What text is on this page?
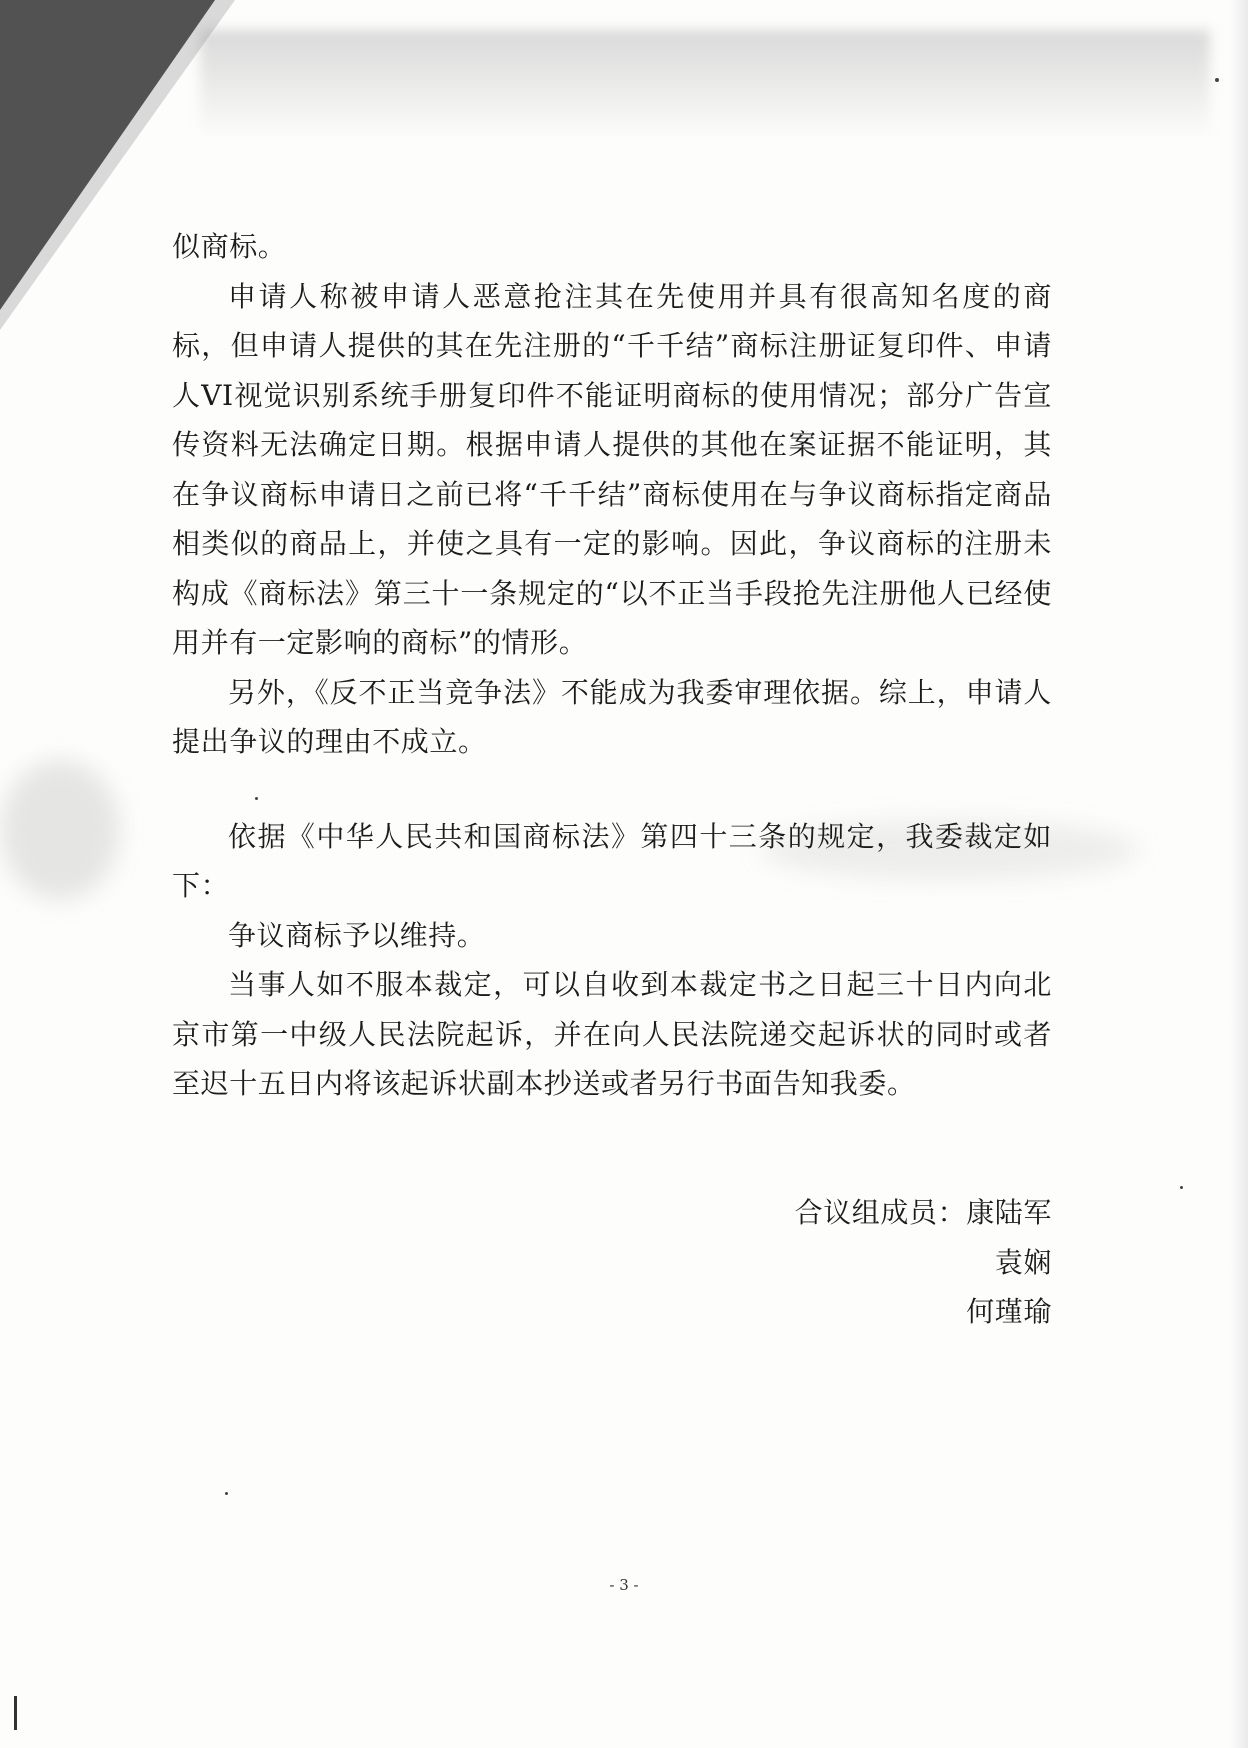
似商标。

申请人称被申请人恶意抢注其在先使用并具有很高知名度的商标，但申请人提供的其在先注册的“千千结”商标注册证复印件、申请人VI视觉识别系统手册复印件不能证明商标的使用情况；部分广告宣传资料无法确定日期。根据申请人提供的其他在案证据不能证明，其在争议商标申请日之前已将“千千结”商标使用在与争议商标指定商品相类似的商品上，并使之具有一定的影响。因此，争议商标的注册未构成《商标法》第三十一条规定的“以不正当手段抢先注册他人已经使用并有一定影响的商标”的情形。

另外，《反不正当竞争法》不能成为我委审理依据。综上，申请人提出争议的理由不成立。

依据《中华人民共和国商标法》第四十三条的规定，我委裁定如下：

争议商标予以维持。

当事人如不服本裁定，可以自收到本裁定书之日起三十日内向北京市第一中级人民法院起诉，并在向人民法院递交起诉状的同时或者至迟十五日内将该起诉状副本抄送或者另行书面告知我委。

合议组成员：康陆军
袁娴
何瑾瑜
- 3 -
